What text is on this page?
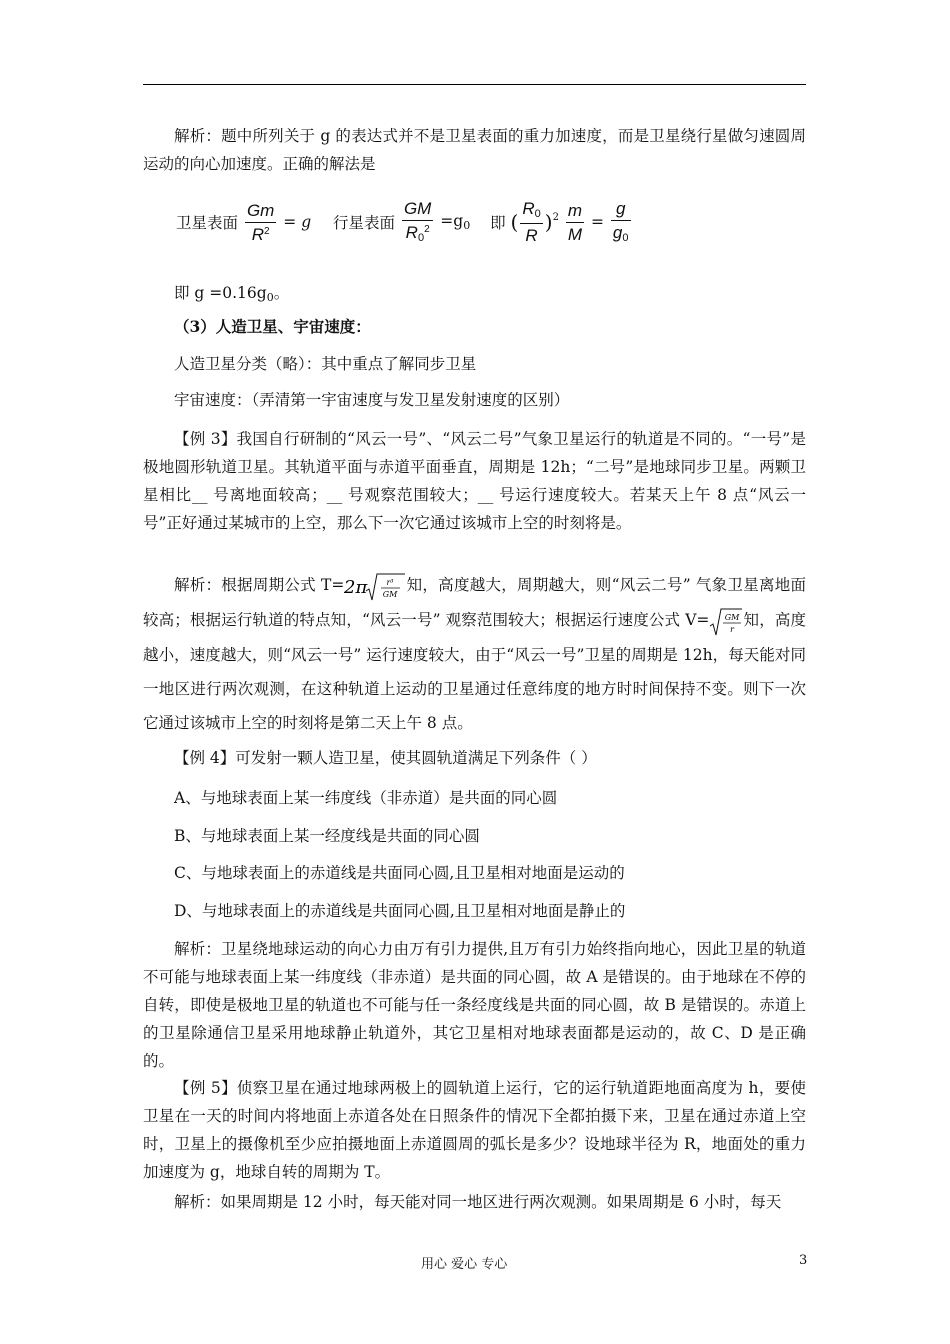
解析：题中所列关于 g 的表达式并不是卫星表面的重力加速度，而是卫星绕行星做匀速圆周运动的向心加速度。正确的解法是
卫星表面 $\frac{Gm}{R^2} = g$ 行星表面 $\frac{GM}{R_0^2} =g_0$ 即 ( $\frac{R_0}{R} )^2 \frac{m}{M} = \frac{g}{g_0}$
即 $g =0.16g_0$。
（3）人造卫星、宇宙速度：
人造卫星分类（略）：其中重点了解同步卫星
宇宙速度：（弄清第一宇宙速度与发卫星发射速度的区别）
【例 3】我国自行研制的“风云一号”、“风云二号”气象卫星运行的轨道是不同的。“一号”是极地圆形轨道卫星。其轨道平面与赤道平面垂直，周期是 12h；“二号”是地球同步卫星。两颗卫星相比__ 号离地面较高；__ 号观察范围较大；__ 号运行速度较大。若某天上午 8 点“风云一号”正好通过某城市的上空，那么下一次它通过该城市上空的时刻将是。
解析：根据周期公式 T= 2π r³
GM
知，高度越大，周期越大，则“风云二号” 气象卫星离地面较高；根据运行轨道的特点知，“风云一号” 观察范围较大；根据运行速度公式 V= GM
r
知，高度越小，速度越大，则“风云一号” 运行速度较大，由于“风云一号”卫星的周期是 12h，每天能对同一地区进行两次观测，在这种轨道上运动的卫星通过任意纬度的地方时时间保持不变。则下一次它通过该城市上空的时刻将是第二天上午 8 点。
【例 4】可发射一颗人造卫星，使其圆轨道满足下列条件（ ）
A、与地球表面上某一纬度线（非赤道）是共面的同心圆
B、与地球表面上某一经度线是共面的同心圆
C、与地球表面上的赤道线是共面同心圆,且卫星相对地面是运动的
D、与地球表面上的赤道线是共面同心圆,且卫星相对地面是静止的
解析：卫星绕地球运动的向心力由万有引力提供,且万有引力始终指向地心，因此卫星的轨道不可能与地球表面上某一纬度线（非赤道）是共面的同心圆，故 A 是错误的。由于地球在不停的自转，即使是极地卫星的轨道也不可能与任一条经度线是共面的同心圆，故 B 是错误的。赤道上的卫星除通信卫星采用地球静止轨道外，其它卫星相对地球表面都是运动的，故 C、D 是正确的。
【例 5】侦察卫星在通过地球两极上的圆轨道上运行，它的运行轨道距地面高度为 h，要使卫星在一天的时间内将地面上赤道各处在日照条件的情况下全都拍摄下来，卫星在通过赤道上空时，卫星上的摄像机至少应拍摄地面上赤道圆周的弧长是多少？设地球半径为 R，地面处的重力加速度为 g，地球自转的周期为 T。
解析：如果周期是 12 小时，每天能对同一地区进行两次观测。如果周期是 6 小时，每天
用心 爱心 专心	3
